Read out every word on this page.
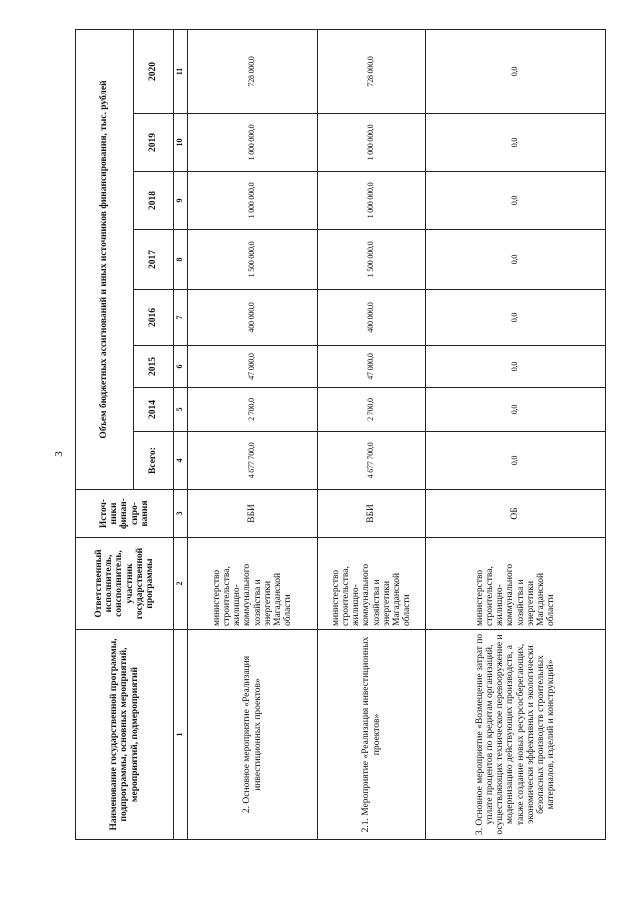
3
Наименование государственной программы, подпрограммы, основных мероприятий, мероприятий, подмероприятий	Ответственный исполнитель, соисполнитель, участник государственной программы	Источ-ники финан-сиро-вания	Объем бюджетных ассигнований и иных источников финансирования, тыс. рублей							
			Всего:	2014	2015	2016	2017	2018	2019	2020
1	2	3	4	5	6	7	8	9	10	11
2. Основное мероприятие «Реализация инвестиционных проектов»	министерство строительства, жилищно-коммунального хозяйства и энергетики Магаданской области	ВБИ	4 677 700,0	2 700,0	47 000,0	400 000,0	1 500 000,0	1 000 000,0	1 000 000,0	728 000,0
2.1. Мероприятие «Реализация инвестиционных проектов»	министерство строительства, жилищно-коммунального хозяйства и энергетики Магаданской области	ВБИ	4 677 700,0	2 700,0	47 000,0	400 000,0	1 500 000,0	1 000 000,0	1 000 000,0	728 000,0
3. Основное мероприятие «Возмещение затрат по уплате процентов по кредитам организаций, осуществляющих техническое перевооружение и модернизацию действующих производств, а также создание новых ресурсосберегающих, экономически эффективных и экологически безопасных производств строительных материалов, изделий и конструкций»	министерство строительства, жилищно-коммунального хозяйства и энергетики Магаданской области	ОБ	0,0	0,0	0,0	0,0	0,0	0,0	0,0	0,0
